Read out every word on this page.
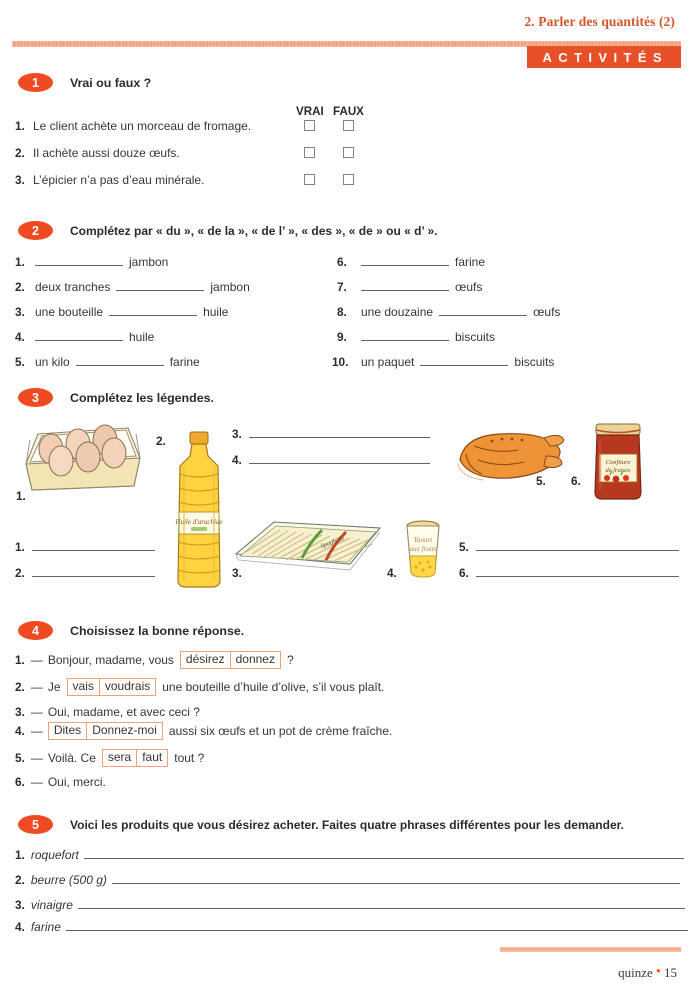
2. Parler des quantités (2)
ACTIVITÉS
1	Vrai ou faux ?
VRAI FAUX
1. Le client achète un morceau de fromage.
2. Il achète aussi douze œufs.
3. L’épicier n’a pas d’eau minérale.
2	Complétez par « du », « de la », « de l’ », « des », « de » ou « d’ ».
1.	jambon
2. deux tranches	jambon
3. une bouteille	huile
4.	huile
5. un kilo	farine
6.	farine
7.	œufs
8.	une douzaine	œufs
9.	biscuits
10.	un paquet	biscuits
3	Complétez les légendes.
1.
2.
Huile d'arachide
3.
4.
5. 6.
Confiture
de fraises
Spaghetti
3.
Yaourt
aux fruits
4.
1.
2.
5.
6.
4	Choisissez la bonne réponse.
1. — Bonjour, madame, vous	désirez donnez	?
2. — Je	vais voudrais	une bouteille d’huile d’olive, s’il vous plaît.
3. — Oui, madame, et avec ceci ?
4. — Dites Donnez-moi	aussi six œufs et un pot de crème fraîche.
5. — Voilà. Ce	sera faut	tout ?
6. — Oui, merci.
5	Voici les produits que vous désirez acheter. Faites quatre phrases différentes pour les demander.
1. roquefort
2. beurre (500 g)
3. vinaigre
4. farine
quinze • 15
